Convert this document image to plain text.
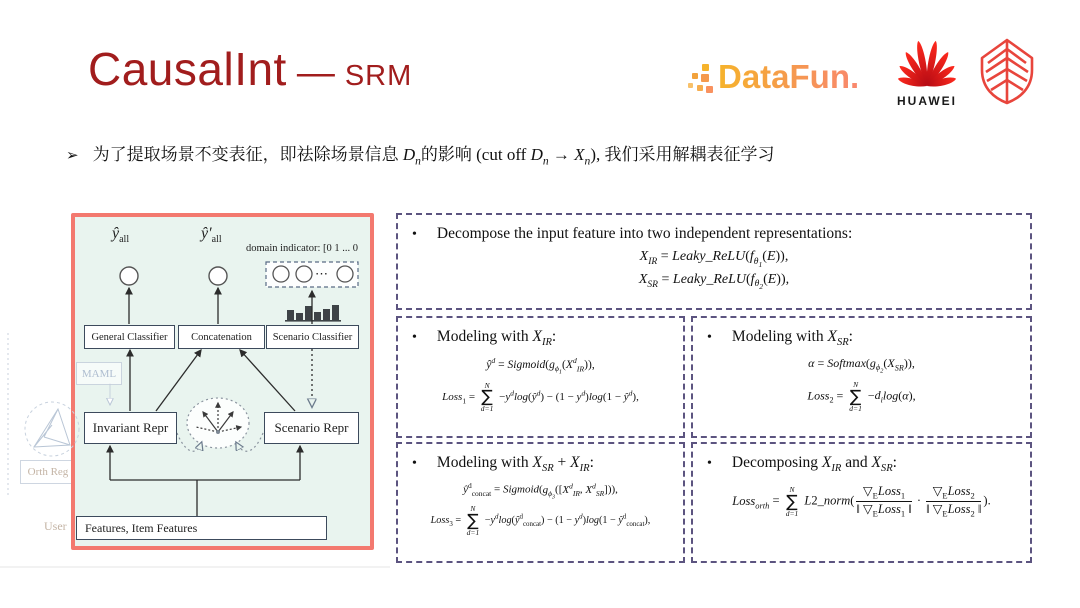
CausalInt — SRM	DataFun.
HUAWEI
➢ 为了提取场景不变表征，即祛除场景信息 $D_n$的影响 (cut off $D_n \to X_n$), 我们采用解耦表征学习
Orth Reg
User
MAML
$ŷ_{all}$	$ŷ'_{all}$
domain indicator: [0 1 ... 0
⋯
General Classifier Concatenation Scenario Classifier
Invariant Repr	Scenario Repr
Features, Item Features
• Decompose the input feature into two independent representations:
$X_{IR}$ = $Leaky\_ReLU(f_{\theta_1}(E))$,
$X_{SR}$ = $Leaky\_ReLU(f_{\theta_2}(E))$,
• Modeling with $X_{IR}$:
$ŷ^d$ = $Sigmoid(g_{\phi_1}(X^d_{IR}))$,
Loss$_1$ =
N
∑
d=1
$-y^d\log(ŷ^d) - (1 - y^d)\log(1$ − $ŷ^d$),
• Modeling with $X_{SR}$:
$\alpha = Softmax(g_{\phi_2}(X_{SR}))$,
Loss$_2$ =
N
∑
d=1
$-d_i\log(\alpha)$,
• Modeling with $X_{SR} + X_{IR}$:
$ŷ^d_{concat}$ = $Sigmoid(g_{\phi_3}([X^d_{IR}$, $X^d_{SR}$])),
Loss$_3$ =
N
∑
d=1
$-y^d\log(ŷ^d_{concat}) - (1 - y^d)\log(1$ − $ŷ^d_{concat}$),
• Decomposing $X_{IR}$ and $X_{SR}$:
Loss$_{orth}$ =
N
∑
d=1
L2_norm( $\frac{▽_ELoss_1}{‖ ▽_ELoss_1 ‖} \cdot \frac{▽_ELoss_2}{‖ ▽_ELoss_2 ‖}$ ).
